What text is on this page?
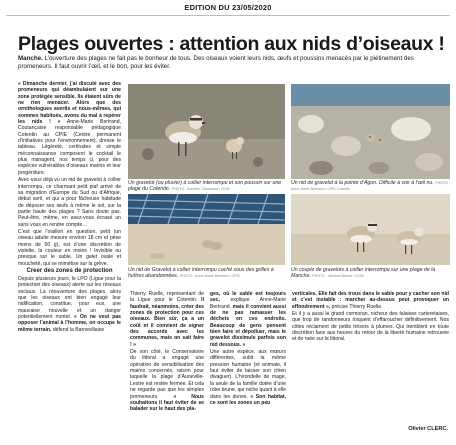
EDITION DU 23/05/2020
Plages ouvertes : attention aux nids d’oiseaux !
Manche. L’ouverture des plages ne fait pas le bonheur de tous. Des oiseaux voient leurs nids, œufs et poussins menacés par le piétinement des promeneurs. Il faut ouvrir l’œil, et le bon, pour les éviter.

« Dimanche dernier, j’ai discuté avec des promeneurs qui déambulaient sur une zone protégée sensible. Ils étaient sûrs de ne rien menacer. Alors que des ornithologues avertis et nous-mêmes, qui sommes habitués, avons du mal à repérer les nids ! » Anne-Marie Bertrand, Coutançaise responsable pédagogique Cotentin au CPIE (Centre permanent d’initiatives pour l’environnement), dresse le tableau. Légèreté, certitudes et simple méconnaissance composent le cocktail le plus managent, nos temps ci, pour des espèces vulnérables d’oiseaux marins et leur progéniture.

Avec-vous déjà vu un nid de gravelot à collier interrompu, ce charmant petit piaf arrivé de sa migration d’Europe du Sud ou d’Afrique, début avril, et qui a pour fâcheuse habitude de déposer ses œufs à même le sol, sur la partie haute des plages ? Sans doute pas. Peut-être, même, en avez-vous écrasé un sans vous en rendre compte…

C’est que l’oisillon en question, petit (un oiseau adulte mesure environ 18 cm et pèse moins de 50 g), est d’une discrétion de violette, la couleur en moins ! Invisible ou presque sur le sable. Un galet ovale et moucheté, qui se mimétise sur la grève.

Creer des zones de protection

Depuis plusieurs jours, le LPO (Ligue pour la protection des oiseaux) alerte sur les réseaux sociaux. La réouverture des plages, alors que les oiseaux ont bien engagé leur nidification, constitue, pour eux, une mauvaise nouvelle et un danger potentiellement mortel. « On ne veut pas opposer l’animal à l’homme, on occupe le même terrain, défend la Barnevillaise

Un gravelot (ou pluvier) à collier interrompu et son poussin sur une plage du Cotentin. PHOTO : Aurelien Cloussand / GON
Un nid de gravelot à la pointe d’Agon. Difficile à voir à l’œil nu. PHOTO : Anne-Marie Bertrand / CPIE Cotentin
Un nid de Gravelot à collier interrompu caché sous des grilles à huîtres abandonnées. PHOTO : Anne-Marie Bertrand / CPIE
Un couple de gravelots à collier interrompu sur une plage de la Manche. PHOTO : Maxime Brunet / GON

Thierry Ruelle, représentant de la Ligue pour le Cotentin. Il faudrait, néanmoins, créer des zones de protection pour ces oiseaux. Bien sûr, ça a un coût et il convient de signer des accords avec les communes, mais on sait faire ! »

De son côté, le Conservatoire du littoral a engagé une opération de sensibilisation des maires concernés, raison pour laquelle la plage d’Auneville-Lestre est restée fermée. Et cela ne regarde pas que les simples promeneurs. « Nous souhaitons il faut éviter de se balader sur le haut des pla-

ges, où le sable est toujours sec, explique Anne-Marie Bertrand, mais il convient aussi de ne pas ramasser les déchets en ces endroits. Beaucoup de gens pensent bien faire et dépolluer, mais le gravelot dissimule parfois son nid dessous. »

Une autre espèce, aux mœurs différentes, subit la même pression humaine (et animale, il faut éviter de laisser son chien divaguer). L’hirondelle de mage, la seule de la famille dotée d’une robe brune, qui niche quant à elle dans les dunes. « Son habitat, ce sont les zones un peu

verticales. Elle fait des trous dans le sable pour y cacher son nid et c’est instable : marcher au-dessus peut provoquer un effondrement », précise Thierry Ruelle.

Et il y a aussi le grand cormoran, nicheur des falaises carteretaises, que trop de randonneurs risquent d’effaroucher définitivement. Nos côtes réclament de petits trésors à plumes. Qui tremblent en toute discrétion face aux heures du retour de la liberté humaine retrouvée et de ruée sur le littoral.

Olivier CLERC.
